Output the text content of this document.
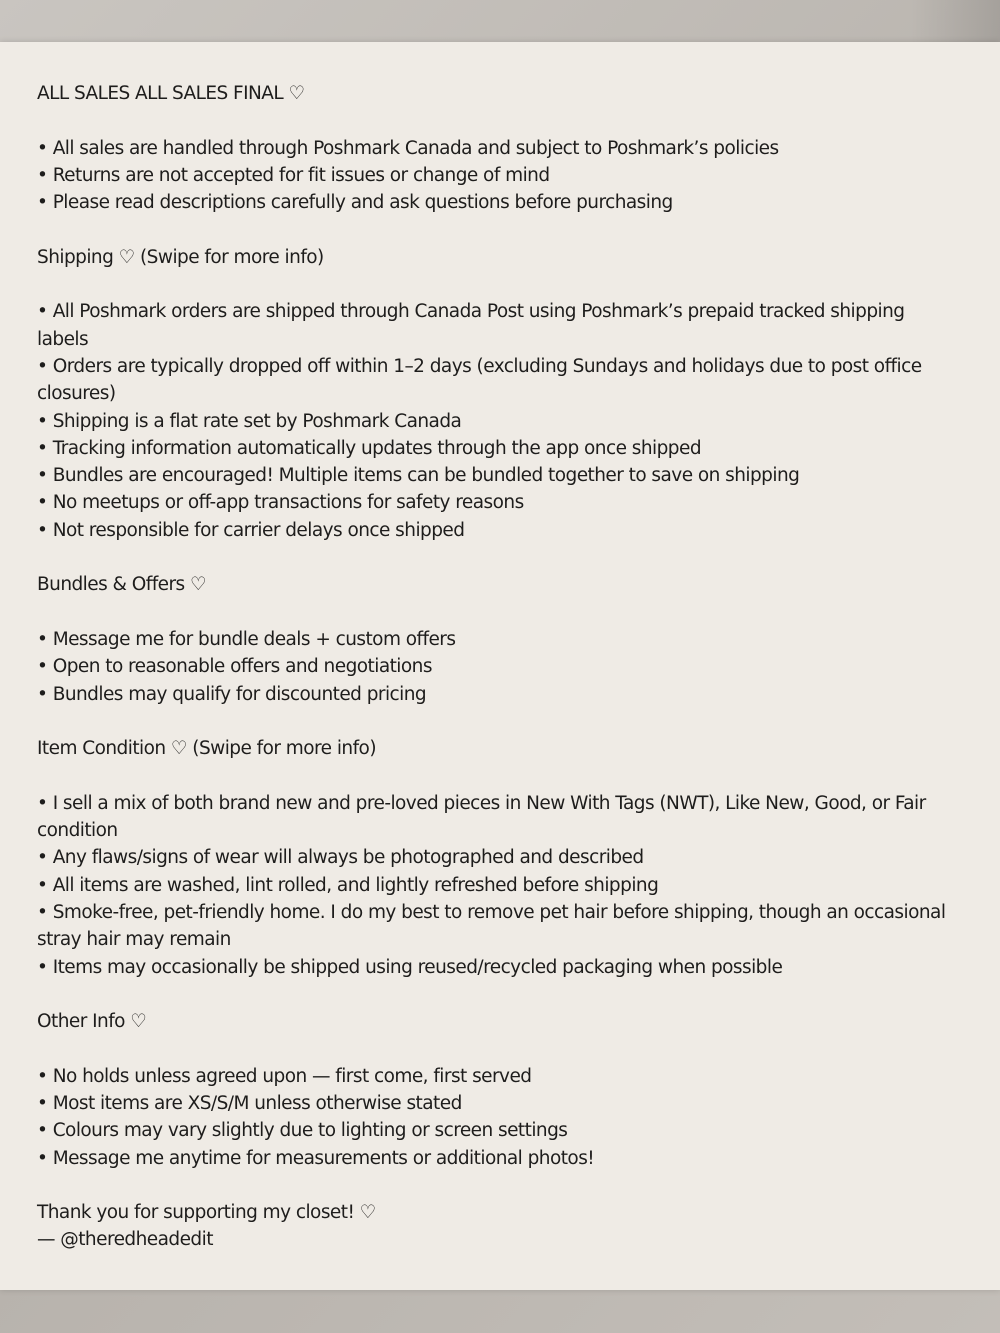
ALL SALES ALL SALES FINAL ♡
• All sales are handled through Poshmark Canada and subject to Poshmark’s policies
• Returns are not accepted for fit issues or change of mind
• Please read descriptions carefully and ask questions before purchasing
Shipping ♡ (Swipe for more info)
• All Poshmark orders are shipped through Canada Post using Poshmark’s prepaid tracked shipping
labels
• Orders are typically dropped off within 1–2 days (excluding Sundays and holidays due to post office
closures)
• Shipping is a flat rate set by Poshmark Canada
• Tracking information automatically updates through the app once shipped
• Bundles are encouraged! Multiple items can be bundled together to save on shipping
• No meetups or off-app transactions for safety reasons
• Not responsible for carrier delays once shipped
Bundles & Offers ♡
• Message me for bundle deals + custom offers
• Open to reasonable offers and negotiations
• Bundles may qualify for discounted pricing
Item Condition ♡ (Swipe for more info)
• I sell a mix of both brand new and pre-loved pieces in New With Tags (NWT), Like New, Good, or Fair
condition
• Any flaws/signs of wear will always be photographed and described
• All items are washed, lint rolled, and lightly refreshed before shipping
• Smoke-free, pet-friendly home. I do my best to remove pet hair before shipping, though an occasional
stray hair may remain
• Items may occasionally be shipped using reused/recycled packaging when possible
Other Info ♡
• No holds unless agreed upon — first come, first served
• Most items are XS/S/M unless otherwise stated
• Colours may vary slightly due to lighting or screen settings
• Message me anytime for measurements or additional photos!
Thank you for supporting my closet! ♡
— @theredheadedit
